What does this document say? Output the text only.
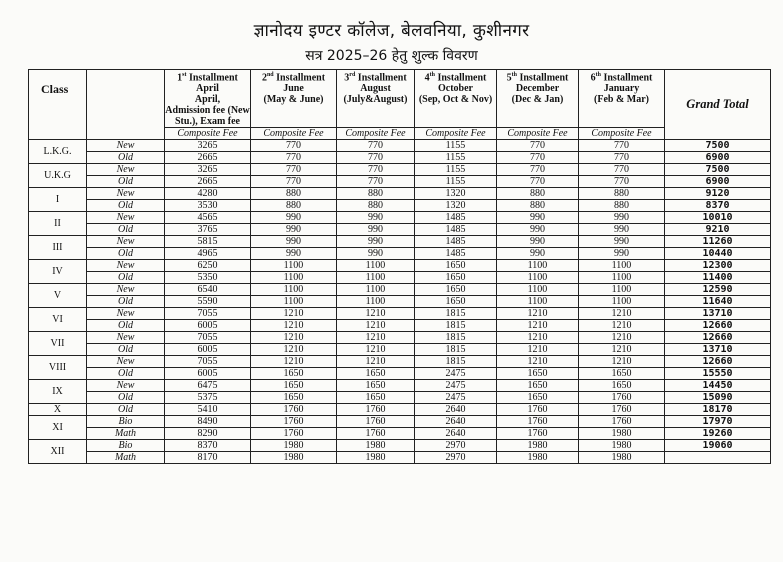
ज्ञानोदय इण्टर कॉलेज, बेलवनिया, कुशीनगर
सत्र 2025–26 हेतु शुल्क विवरण
Class		1st Installment
April
April,
Admission fee (New
Stu.), Exam fee	2nd Installment
June
(May & June)	3rd Installment
August
(July&August)	4th Installment
October
(Sep, Oct & Nov)	5th Installment
December
(Dec & Jan)	6th Installment
January
(Feb & Mar)	Grand Total
		Composite Fee	Composite Fee	Composite Fee	Composite Fee	Composite Fee	Composite Fee	
L.K.G.	New	3265	770	770	1155	770	770	7500
	Old	2665	770	770	1155	770	770	6900
U.K.G	New	3265	770	770	1155	770	770	7500
	Old	2665	770	770	1155	770	770	6900
I	New	4280	880	880	1320	880	880	9120
	Old	3530	880	880	1320	880	880	8370
II	New	4565	990	990	1485	990	990	10010
	Old	3765	990	990	1485	990	990	9210
III	New	5815	990	990	1485	990	990	11260
	Old	4965	990	990	1485	990	990	10440
IV	New	6250	1100	1100	1650	1100	1100	12300
	Old	5350	1100	1100	1650	1100	1100	11400
V	New	6540	1100	1100	1650	1100	1100	12590
	Old	5590	1100	1100	1650	1100	1100	11640
VI	New	7055	1210	1210	1815	1210	1210	13710
	Old	6005	1210	1210	1815	1210	1210	12660
VII	New	7055	1210	1210	1815	1210	1210	12660
	Old	6005	1210	1210	1815	1210	1210	13710
VIII	New	7055	1210	1210	1815	1210	1210	12660
	Old	6005	1650	1650	2475	1650	1650	15550
IX	New	6475	1650	1650	2475	1650	1650	14450
	Old	5375	1650	1650	2475	1650	1760	15090
X	Old	5410	1760	1760	2640	1760	1760	18170
XI	Bio	8490	1760	1760	2640	1760	1760	17970
	Math	8290	1760	1760	2640	1760	1980	19260
XII	Bio	8370	1980	1980	2970	1980	1980	19060
	Math	8170	1980	1980	2970	1980	1980	
